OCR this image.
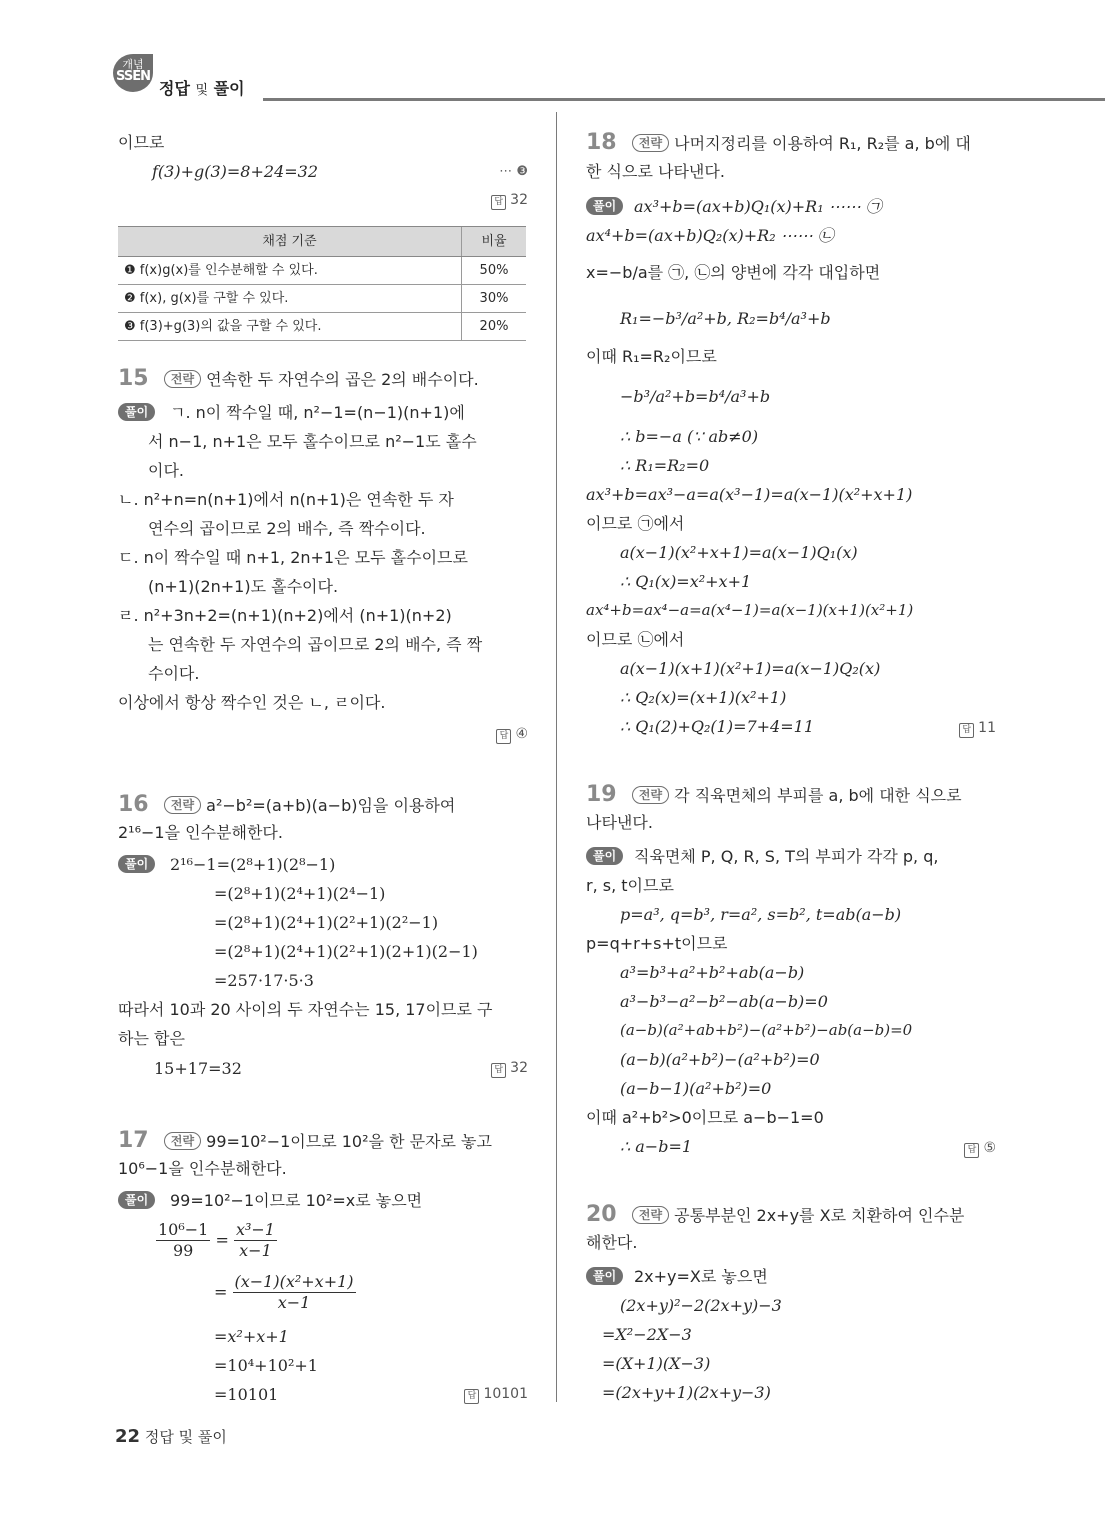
개념
SSEN
정답 및 풀이
이므로
f(3)+g(3)=8+24=32	⋯ ❸
답 32
채점 기준	비율
❶ f(x)g(x)를 인수분해할 수 있다.	50%
❷ f(x), g(x)를 구할 수 있다.	30%
❸ f(3)+g(3)의 값을 구할 수 있다.	20%
15 전략 연속한 두 자연수의 곱은 2의 배수이다.
풀이	ㄱ. n이 짝수일 때, n²−1=(n−1)(n+1)에
서 n−1, n+1은 모두 홀수이므로 n²−1도 홀수
이다.
ㄴ. n²+n=n(n+1)에서 n(n+1)은 연속한 두 자
연수의 곱이므로 2의 배수, 즉 짝수이다.
ㄷ. n이 짝수일 때 n+1, 2n+1은 모두 홀수이므로
(n+1)(2n+1)도 홀수이다.
ㄹ. n²+3n+2=(n+1)(n+2)에서 (n+1)(n+2)
는 연속한 두 자연수의 곱이므로 2의 배수, 즉 짝
수이다.
이상에서 항상 짝수인 것은 ㄴ, ㄹ이다.
답 ④
16 전략 a²−b²=(a+b)(a−b)임을 이용하여
2¹⁶−1을 인수분해한다.
풀이	2¹⁶−1=(2⁸+1)(2⁸−1)
=(2⁸+1)(2⁴+1)(2⁴−1)
=(2⁸+1)(2⁴+1)(2²+1)(2²−1)
=(2⁸+1)(2⁴+1)(2²+1)(2+1)(2−1)
=257·17·5·3
따라서 10과 20 사이의 두 자연수는 15, 17이므로 구
하는 합은
15+17=32	답 32
17 전략 99=10²−1이므로 10²을 한 문자로 놓고
10⁶−1을 인수분해한다.
풀이	99=10²−1이므로 10²=x로 놓으면
$\frac{\text{10⁶−1}}{99} = \frac{\text{x³−1}}{x-1}$
= $\frac{\text{(x−1)(x²+x+1)}}{x-1}$
=x²+x+1
=10⁴+10²+1
=10101	답 10101
18 전략 나머지정리를 이용하여 R₁, R₂를 a, b에 대
한 식으로 나타낸다.
풀이	ax³+b=(ax+b)Q₁(x)+R₁ ⋯⋯ ㉠
ax⁴+b=(ax+b)Q₂(x)+R₂ ⋯⋯ ㉡
x=−b/a를 ㉠, ㉡의 양변에 각각 대입하면
R₁=−b³/a²+b, R₂=b⁴/a³+b
이때 R₁=R₂이므로
−b³/a²+b=b⁴/a³+b
∴ b=−a (∵ ab≠0)
∴ R₁=R₂=0
ax³+b=ax³−a=a(x³−1)=a(x−1)(x²+x+1)
이므로 ㉠에서
a(x−1)(x²+x+1)=a(x−1)Q₁(x)
∴ Q₁(x)=x²+x+1
ax⁴+b=ax⁴−a=a(x⁴−1)=a(x−1)(x+1)(x²+1)
이므로 ㉡에서
a(x−1)(x+1)(x²+1)=a(x−1)Q₂(x)
∴ Q₂(x)=(x+1)(x²+1)
∴ Q₁(2)+Q₂(1)=7+4=11	답 11
19 전략 각 직육면체의 부피를 a, b에 대한 식으로
나타낸다.
풀이	직육면체 P, Q, R, S, T의 부피가 각각 p, q,
r, s, t이므로
p=a³, q=b³, r=a², s=b², t=ab(a−b)
p=q+r+s+t이므로
a³=b³+a²+b²+ab(a−b)
a³−b³−a²−b²−ab(a−b)=0
(a−b)(a²+ab+b²)−(a²+b²)−ab(a−b)=0
(a−b)(a²+b²)−(a²+b²)=0
(a−b−1)(a²+b²)=0
이때 a²+b²>0이므로 a−b−1=0
∴ a−b=1	답 ⑤
20 전략 공통부분인 2x+y를 X로 치환하여 인수분
해한다.
풀이	2x+y=X로 놓으면
(2x+y)²−2(2x+y)−3
=X²−2X−3
=(X+1)(X−3)
=(2x+y+1)(2x+y−3)
22 정답 및 풀이
